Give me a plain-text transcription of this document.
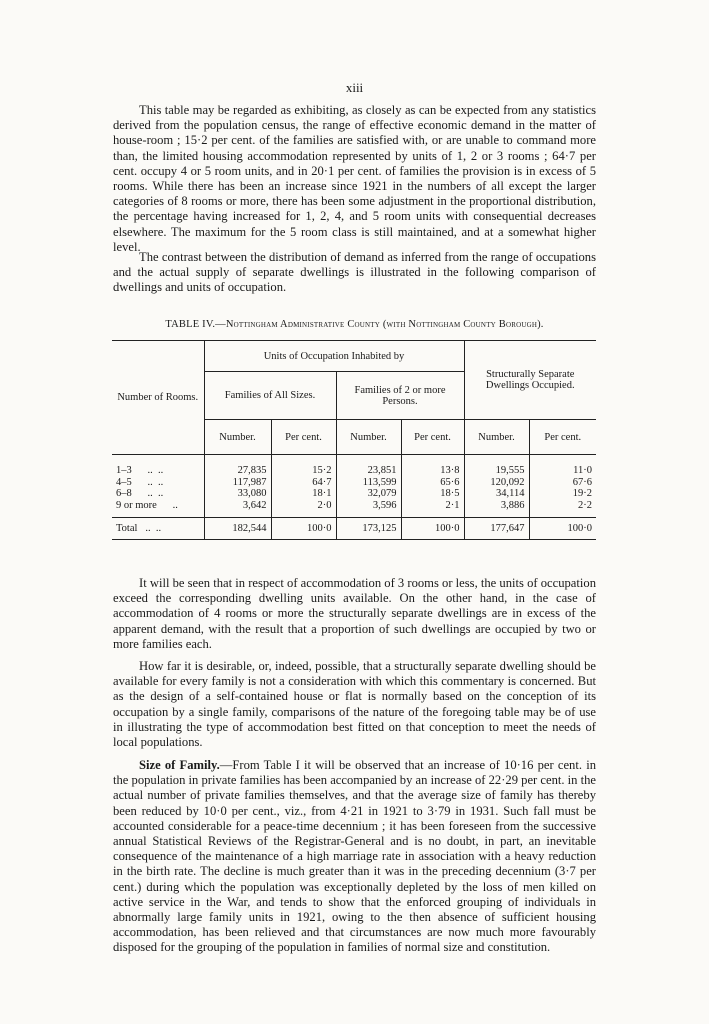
xiii

This table may be regarded as exhibiting, as closely as can be expected from any statistics derived from the population census, the range of effective economic demand in the matter of house-room ; 15·2 per cent. of the families are satisfied with, or are unable to command more than, the limited housing accommodation represented by units of 1, 2 or 3 rooms ; 64·7 per cent. occupy 4 or 5 room units, and in 20·1 per cent. of families the provision is in excess of 5 rooms. While there has been an increase since 1921 in the numbers of all except the larger categories of 8 rooms or more, there has been some adjustment in the proportional distribution, the percentage having increased for 1, 2, 4, and 5 room units with consequential decreases elsewhere. The maximum for the 5 room class is still maintained, and at a somewhat higher level.

The contrast between the distribution of demand as inferred from the range of occupations and the actual supply of separate dwellings is illustrated in the following comparison of dwellings and units of occupation.

TABLE IV.—Nottingham Administrative County (with Nottingham County Borough).
Number of Rooms.	Units of Occupation Inhabited by				Structurally Separate Dwellings Occupied.	
	Families of All Sizes.		Families of 2 or more Persons.			
	Number.	Per cent.	Number.	Per cent.	Number.	Per cent.
1–3 ..  ..	27,835	15·2	23,851	13·8	19,555	11·0
4–5 ..  ..	117,987	64·7	113,599	65·6	120,092	67·6
6–8 ..  ..	33,080	18·1	32,079	18·5	34,114	19·2
9 or more ..	3,642	2·0	3,596	2·1	3,886	2·2
Total ..  ..	182,544	100·0	173,125	100·0	177,647	100·0

It will be seen that in respect of accommodation of 3 rooms or less, the units of occupation exceed the corresponding dwelling units available. On the other hand, in the case of accommodation of 4 rooms or more the structurally separate dwellings are in excess of the apparent demand, with the result that a proportion of such dwellings are occupied by two or more families each.

How far it is desirable, or, indeed, possible, that a structurally separate dwelling should be available for every family is not a consideration with which this commentary is concerned. But as the design of a self-contained house or flat is normally based on the conception of its occupation by a single family, comparisons of the nature of the foregoing table may be of use in illustrating the type of accommodation best fitted on that conception to meet the needs of local populations.

Size of Family.—From Table I it will be observed that an increase of 10·16 per cent. in the population in private families has been accompanied by an increase of 22·29 per cent. in the actual number of private families themselves, and that the average size of family has thereby been reduced by 10·0 per cent., viz., from 4·21 in 1921 to 3·79 in 1931. Such fall must be accounted considerable for a peace-time decennium ; it has been foreseen from the successive annual Statistical Reviews of the Registrar-General and is no doubt, in part, an inevitable consequence of the maintenance of a high marriage rate in association with a heavy reduction in the birth rate. The decline is much greater than it was in the preceding decennium (3·7 per cent.) during which the population was exceptionally depleted by the loss of men killed on active service in the War, and tends to show that the enforced grouping of individuals in abnormally large family units in 1921, owing to the then absence of sufficient housing accommodation, has been relieved and that circumstances are now much more favourably disposed for the grouping of the population in families of normal size and constitution.
